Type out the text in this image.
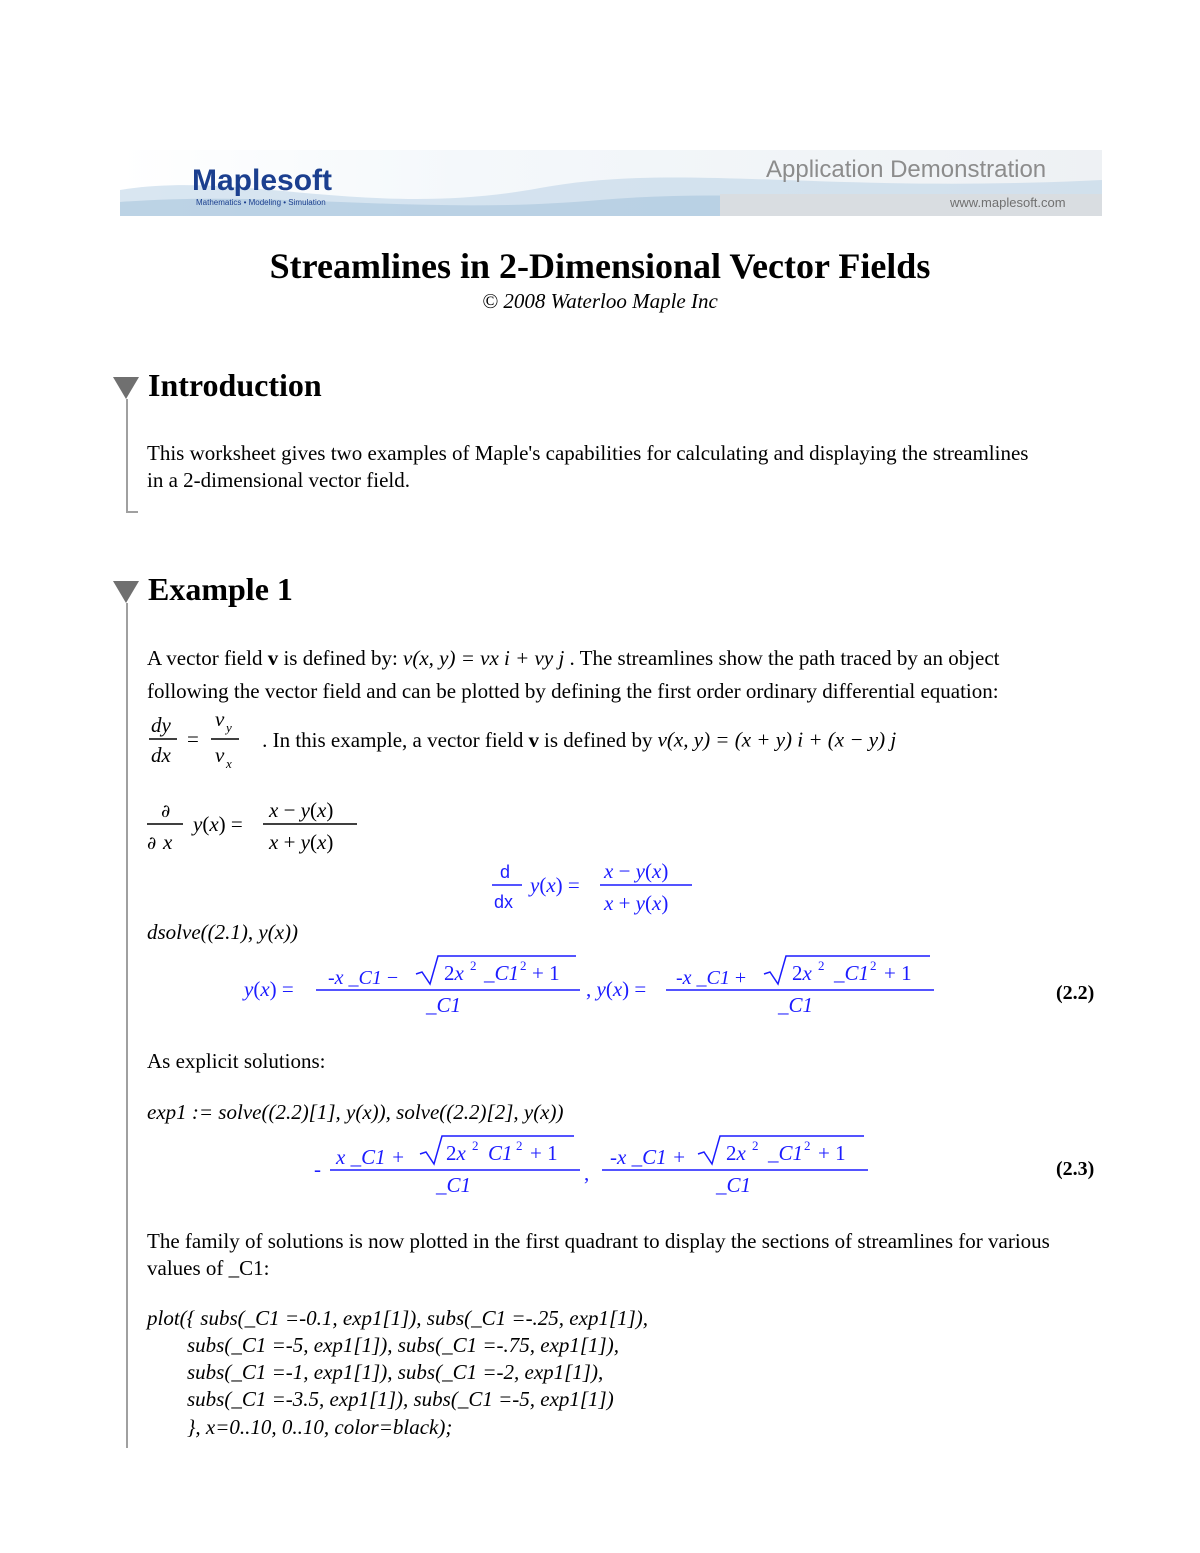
Maplesoft
Mathematics • Modeling • Simulation
Application Demonstration
www.maplesoft.com
Streamlines in 2-Dimensional Vector Fields
© 2008 Waterloo Maple Inc
Introduction
This worksheet gives two examples of Maple's capabilities for calculating and displaying the streamlines in a 2-dimensional vector field.
Example 1
A vector field v is defined by: v(x, y) = vx i + vy j . The streamlines show the path traced by an object
following the vector field and can be plotted by defining the first order ordinary differential equation:
dy
dx
=
v y
v x
. In this example, a vector field v is defined by v(x, y) = (x + y) i + (x − y) j
∂
∂ x
y(x) =
x − y(x)
x + y(x)
d
dx
y(x) =
x − y(x)
x + y(x)
dsolve((2.1), y(x))
y(x) = -x _C1 − 2x 2 _C1 2 + 1
_C1
, y(x) = -x _C1 + 2x 2 _C1 2 + 1
_C1	(2.2)
As explicit solutions:
exp1 := solve((2.2)[1], y(x)), solve((2.2)[2], y(x))
- x _C1 + 2x 2 C1 2 + 1
_C1	,
-x _C1 + 2x 2 _C1 2 + 1
_C1
(2.3)
The family of solutions is now plotted in the first quadrant to display the sections of streamlines for various values of _C1:
plot({ subs(_C1 =-0.1, exp1[1]), subs(_C1 =-.25, exp1[1]),
subs(_C1 =-5, exp1[1]), subs(_C1 =-.75, exp1[1]),
subs(_C1 =-1, exp1[1]), subs(_C1 =-2, exp1[1]),
subs(_C1 =-3.5, exp1[1]), subs(_C1 =-5, exp1[1])
}, x=0..10, 0..10, color=black);
